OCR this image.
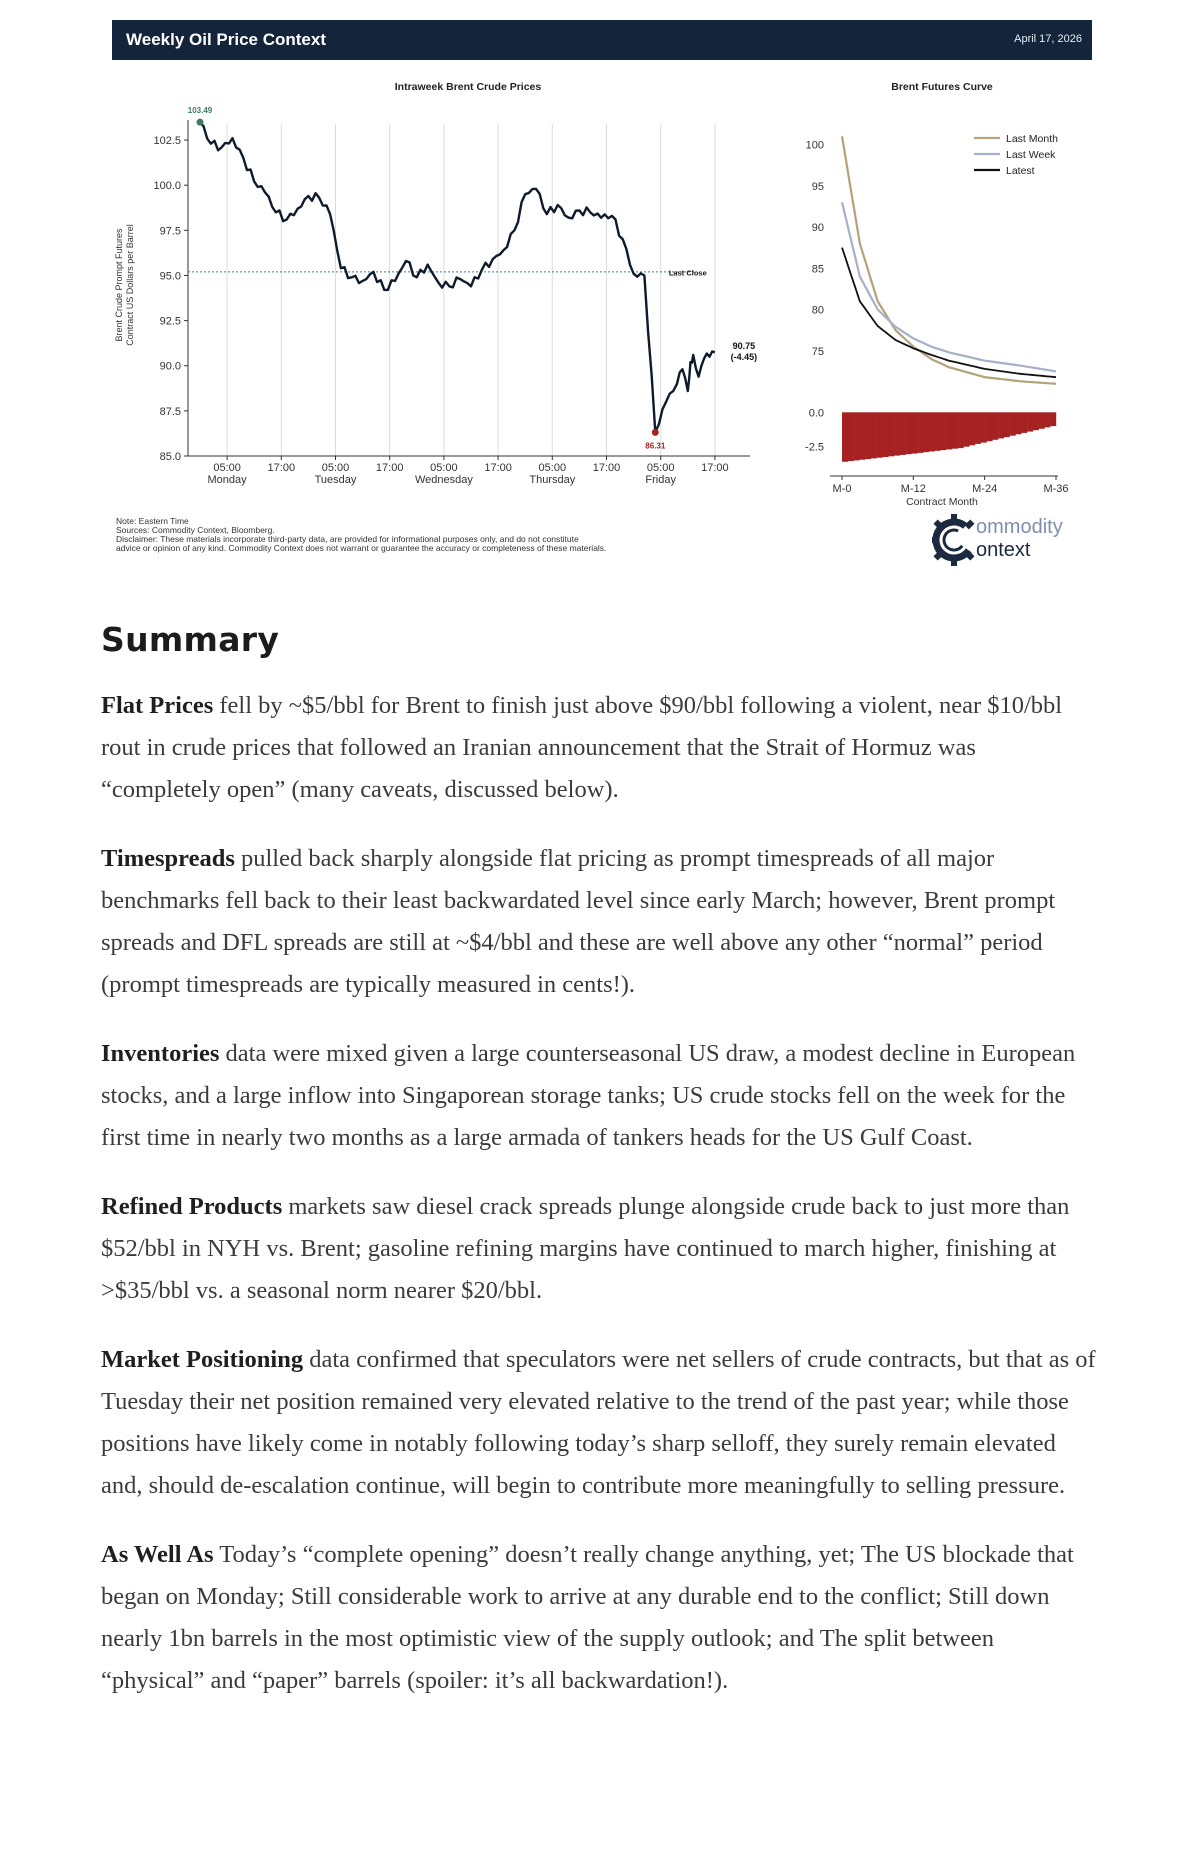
Weekly Oil Price Context	April 17, 2026
Intraweek Brent Crude Prices
85.0
87.5
90.0
92.5
95.0
97.5
100.0
102.5
05:00
Monday
17:00 05:00
Tuesday
17:00 05:00
Wednesday
17:00 05:00
Thursday
17:00 05:00
Friday
17:00
Brent Crude Prompt FuturesContract US Dollars per Barrel	Last Close
103.49
86.31
90.75
(-4.45)
Brent Futures Curve
75
80
85
90
95
100
Last Month
Last Week
Latest
0.0
-2.5
M-0	M-12	M-24	M-36
Contract Month
Note: Eastern Time
Sources: Commodity Context, Bloomberg.
Disclaimer: These materials incorporate third-party data, are provided for informational purposes only, and do not constitute
advice or opinion of any kind. Commodity Context does not warrant or guarantee the accuracy or completeness of these materials.
ommodity
ontext
Summary

Flat Prices fell by ~$5/bbl for Brent to finish just above $90/bbl following a violent, near $10/bbl rout in crude prices that followed an Iranian announcement that the Strait of Hormuz was “completely open” (many caveats, discussed below).

Timespreads pulled back sharply alongside flat pricing as prompt timespreads of all major benchmarks fell back to their least backwardated level since early March; however, Brent prompt spreads and DFL spreads are still at ~$4/bbl and these are well above any other “normal” period (prompt timespreads are typically measured in cents!).

Inventories data were mixed given a large counterseasonal US draw, a modest decline in European stocks, and a large inflow into Singaporean storage tanks; US crude stocks fell on the week for the first time in nearly two months as a large armada of tankers heads for the US Gulf Coast.

Refined Products markets saw diesel crack spreads plunge alongside crude back to just more than $52/bbl in NYH vs. Brent; gasoline refining margins have continued to march higher, finishing at >$35/bbl vs. a seasonal norm nearer $20/bbl.

Market Positioning data confirmed that speculators were net sellers of crude contracts, but that as of Tuesday their net position remained very elevated relative to the trend of the past year; while those positions have likely come in notably following today’s sharp selloff, they surely remain elevated and, should de-escalation continue, will begin to contribute more meaningfully to selling pressure.

As Well As Today’s “complete opening” doesn’t really change anything, yet; The US blockade that began on Monday; Still considerable work to arrive at any durable end to the conflict; Still down nearly 1bn barrels in the most optimistic view of the supply outlook; and The split between “physical” and “paper” barrels (spoiler: it’s all backwardation!).
